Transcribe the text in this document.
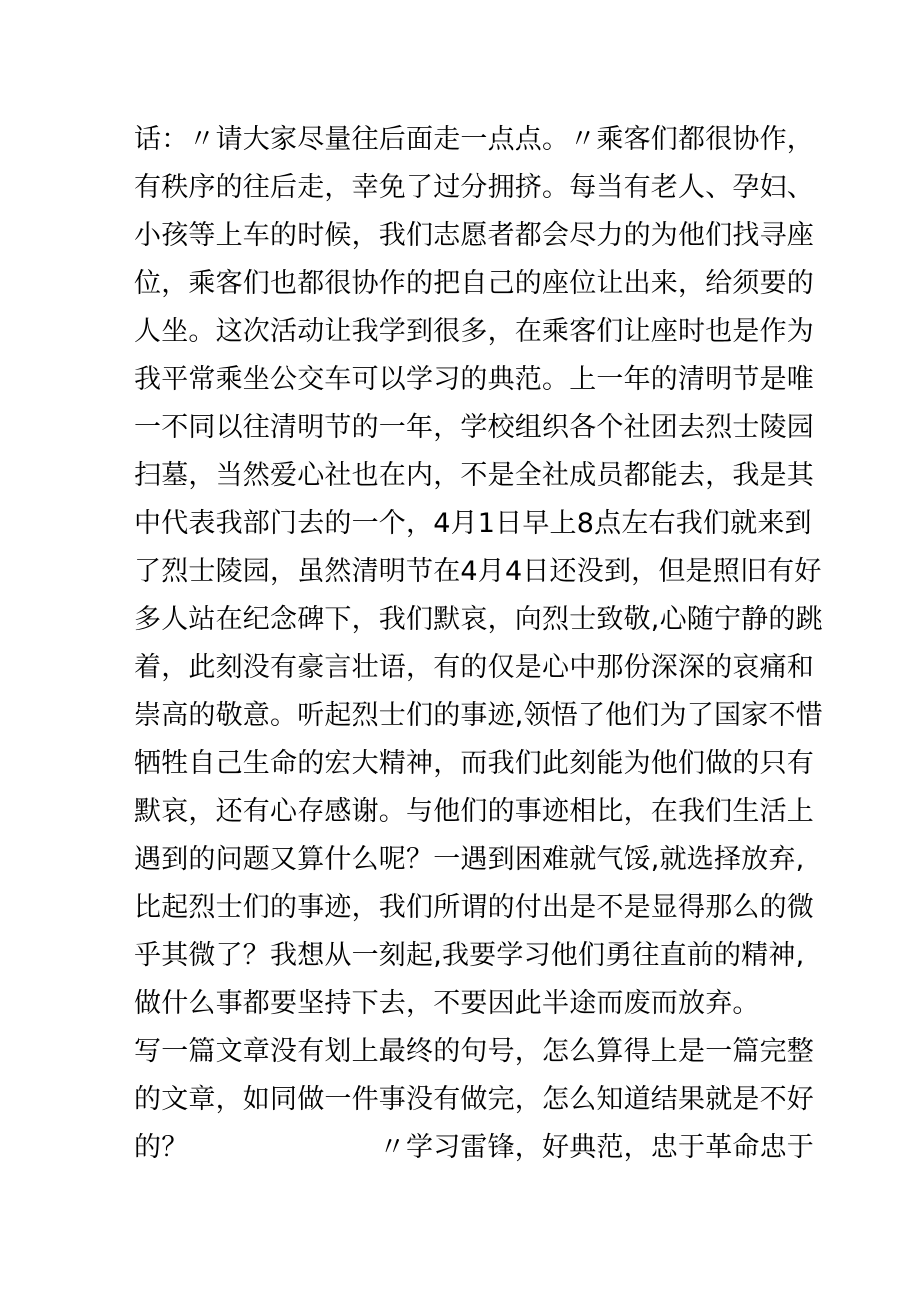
话：〃请大家尽量往后面走一点点。〃乘客们都很协作，
有秩序的往后走，幸免了过分拥挤。每当有老人、孕妇、
小孩等上车的时候，我们志愿者都会尽力的为他们找寻座
位，乘客们也都很协作的把自己的座位让出来，给须要的
人坐。这次活动让我学到很多，在乘客们让座时也是作为
我平常乘坐公交车可以学习的典范。上一年的清明节是唯
一不同以往清明节的一年，学校组织各个社团去烈士陵园
扫墓，当然爱心社也在内，不是全社成员都能去，我是其
中代表我部门去的一个，4月1日早上8点左右我们就来到
了烈士陵园，虽然清明节在4月4日还没到，但是照旧有好
多人站在纪念碑下，我们默哀，向烈士致敬,心随宁静的跳
着，此刻没有豪言壮语，有的仅是心中那份深深的哀痛和
崇高的敬意。听起烈士们的事迹,领悟了他们为了国家不惜
牺牲自己生命的宏大精神，而我们此刻能为他们做的只有
默哀，还有心存感谢。与他们的事迹相比，在我们生活上
遇到的问题又算什么呢？一遇到困难就气馁,就选择放弃,
比起烈士们的事迹，我们所谓的付出是不是显得那么的微
乎其微了？我想从一刻起,我要学习他们勇往直前的精神,
做什么事都要坚持下去，不要因此半途而废而放弃。
写一篇文章没有划上最终的句号，怎么算得上是一篇完整
的文章，如同做一件事没有做完，怎么知道结果就是不好
的？　　　　　　　〃学习雷锋，好典范，忠于革命忠于
